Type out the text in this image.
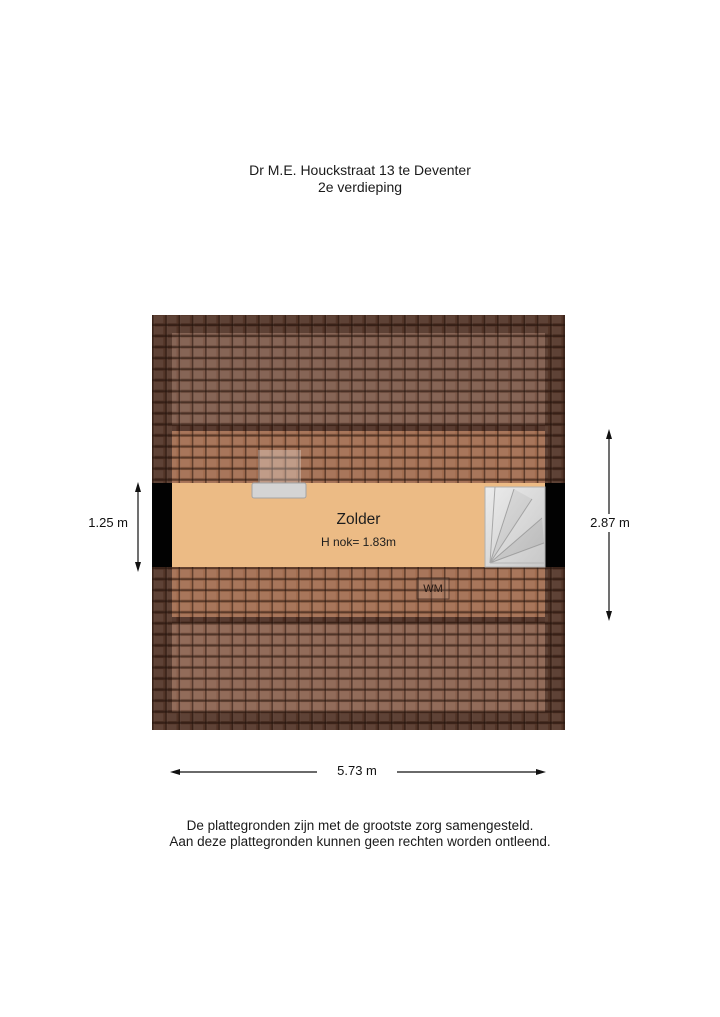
Dr M.E. Houckstraat 13 te Deventer
2e verdieping
Zolder
H nok= 1.83m
WM
1.25 m	2.87 m
5.73 m
De plattegronden zijn met de grootste zorg samengesteld.
Aan deze plattegronden kunnen geen rechten worden ontleend.
